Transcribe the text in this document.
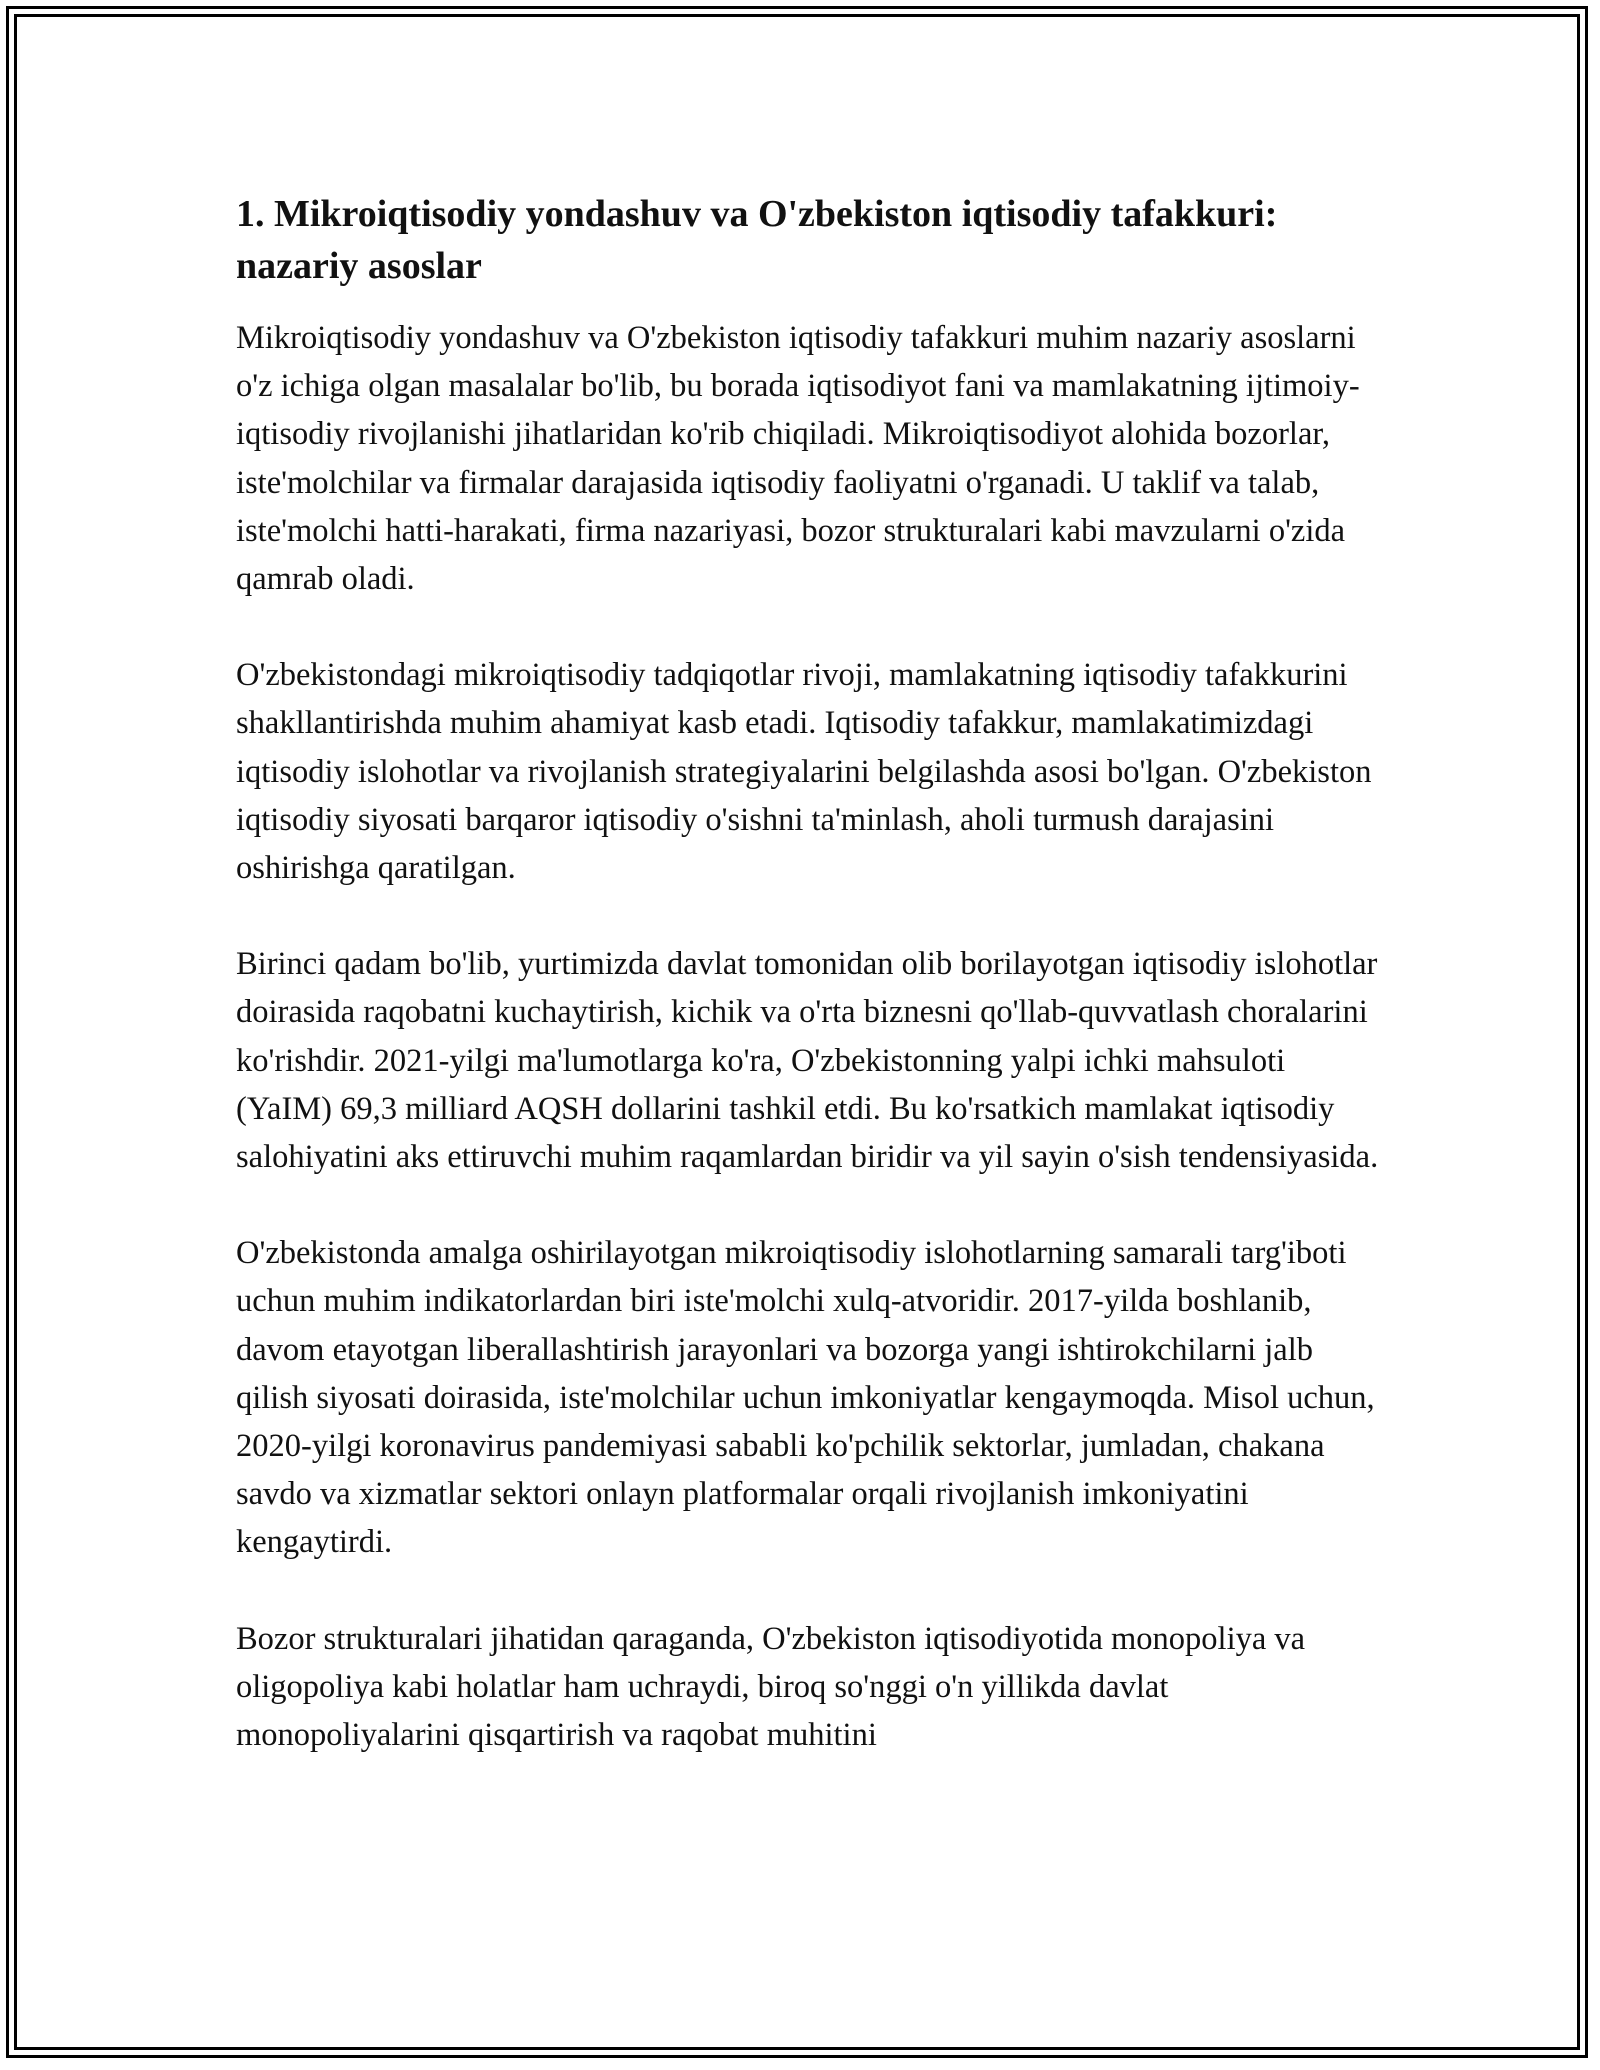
1. Mikroiqtisodiy yondashuv va O'zbekiston iqtisodiy tafakkuri: nazariy asoslar

Mikroiqtisodiy yondashuv va O'zbekiston iqtisodiy tafakkuri muhim nazariy asoslarni o'z ichiga olgan masalalar bo'lib, bu borada iqtisodiyot fani va mamlakatning ijtimoiy-iqtisodiy rivojlanishi jihatlaridan ko'rib chiqiladi. Mikroiqtisodiyot alohida bozorlar, iste'molchilar va firmalar darajasida iqtisodiy faoliyatni o'rganadi. U taklif va talab, iste'molchi hatti-harakati, firma nazariyasi, bozor strukturalari kabi mavzularni o'zida qamrab oladi.

O'zbekistondagi mikroiqtisodiy tadqiqotlar rivoji, mamlakatning iqtisodiy tafakkurini shakllantirishda muhim ahamiyat kasb etadi. Iqtisodiy tafakkur, mamlakatimizdagi iqtisodiy islohotlar va rivojlanish strategiyalarini belgilashda asosi bo'lgan. O'zbekiston iqtisodiy siyosati barqaror iqtisodiy o'sishni ta'minlash, aholi turmush darajasini oshirishga qaratilgan.

Birinci qadam bo'lib, yurtimizda davlat tomonidan olib borilayotgan iqtisodiy islohotlar doirasida raqobatni kuchaytirish, kichik va o'rta biznesni qo'llab-quvvatlash choralarini ko'rishdir. 2021-yilgi ma'lumotlarga ko'ra, O'zbekistonning yalpi ichki mahsuloti (YaIM) 69,3 milliard AQSH dollarini tashkil etdi. Bu ko'rsatkich mamlakat iqtisodiy salohiyatini aks ettiruvchi muhim raqamlardan biridir va yil sayin o'sish tendensiyasida.

O'zbekistonda amalga oshirilayotgan mikroiqtisodiy islohotlarning samarali targ'iboti uchun muhim indikatorlardan biri iste'molchi xulq-atvoridir. 2017-yilda boshlanib, davom etayotgan liberallashtirish jarayonlari va bozorga yangi ishtirokchilarni jalb qilish siyosati doirasida, iste'molchilar uchun imkoniyatlar kengaymoqda. Misol uchun, 2020-yilgi koronavirus pandemiyasi sababli ko'pchilik sektorlar, jumladan, chakana savdo va xizmatlar sektori onlayn platformalar orqali rivojlanish imkoniyatini kengaytirdi.

Bozor strukturalari jihatidan qaraganda, O'zbekiston iqtisodiyotida monopoliya va oligopoliya kabi holatlar ham uchraydi, biroq so'nggi o'n yillikda davlat monopoliyalarini qisqartirish va raqobat muhitini
